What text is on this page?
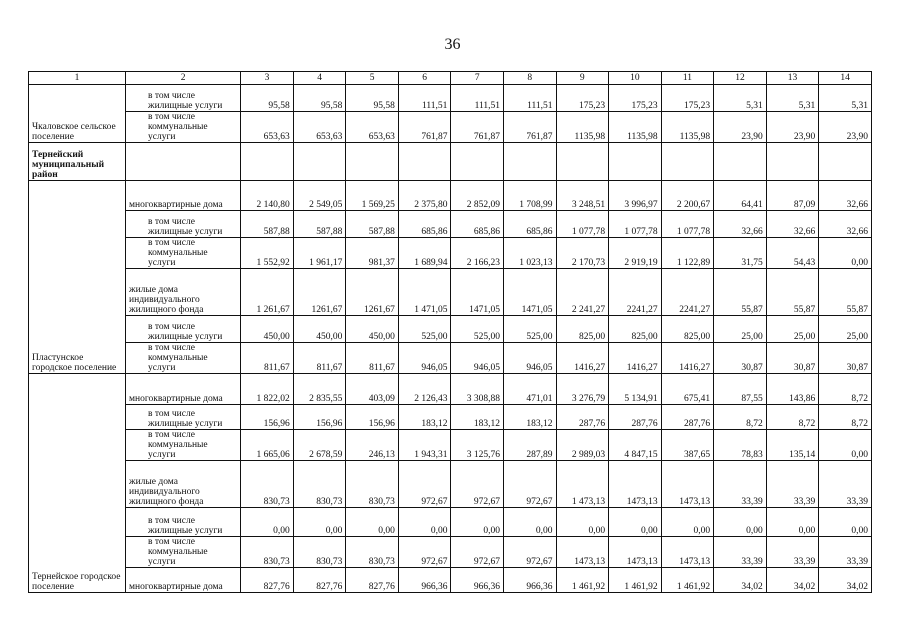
36
1	2	3	4	5	6	7	8	9	10	11	12	13	14
Чкаловское сельское поселение	в том числе жилищные услуги	95,58	95,58	95,58	111,51	111,51	111,51	175,23	175,23	175,23	5,31	5,31	5,31
	в том числе коммунальные услуги	653,63	653,63	653,63	761,87	761,87	761,87	1135,98	1135,98	1135,98	23,90	23,90	23,90
Тернейский муниципальный район													
Пластунское городское поселение	многоквартирные дома	2 140,80	2 549,05	1 569,25	2 375,80	2 852,09	1 708,99	3 248,51	3 996,97	2 200,67	64,41	87,09	32,66
	в том числе жилищные услуги	587,88	587,88	587,88	685,86	685,86	685,86	1 077,78	1 077,78	1 077,78	32,66	32,66	32,66
	в том числе коммунальные услуги	1 552,92	1 961,17	981,37	1 689,94	2 166,23	1 023,13	2 170,73	2 919,19	1 122,89	31,75	54,43	0,00
	жилые дома индивидуального жилищного фонда	1 261,67	1261,67	1261,67	1 471,05	1471,05	1471,05	2 241,27	2241,27	2241,27	55,87	55,87	55,87
	в том числе жилищные услуги	450,00	450,00	450,00	525,00	525,00	525,00	825,00	825,00	825,00	25,00	25,00	25,00
	в том числе коммунальные услуги	811,67	811,67	811,67	946,05	946,05	946,05	1416,27	1416,27	1416,27	30,87	30,87	30,87
Тернейское городское поселение	многоквартирные дома	1 822,02	2 835,55	403,09	2 126,43	3 308,88	471,01	3 276,79	5 134,91	675,41	87,55	143,86	8,72
	в том числе жилищные услуги	156,96	156,96	156,96	183,12	183,12	183,12	287,76	287,76	287,76	8,72	8,72	8,72
	в том числе коммунальные услуги	1 665,06	2 678,59	246,13	1 943,31	3 125,76	287,89	2 989,03	4 847,15	387,65	78,83	135,14	0,00
	жилые дома индивидуального жилищного фонда	830,73	830,73	830,73	972,67	972,67	972,67	1 473,13	1473,13	1473,13	33,39	33,39	33,39
	в том числе жилищные услуги	0,00	0,00	0,00	0,00	0,00	0,00	0,00	0,00	0,00	0,00	0,00	0,00
	в том числе коммунальные услуги	830,73	830,73	830,73	972,67	972,67	972,67	1473,13	1473,13	1473,13	33,39	33,39	33,39
	многоквартирные дома	827,76	827,76	827,76	966,36	966,36	966,36	1 461,92	1 461,92	1 461,92	34,02	34,02	34,02
